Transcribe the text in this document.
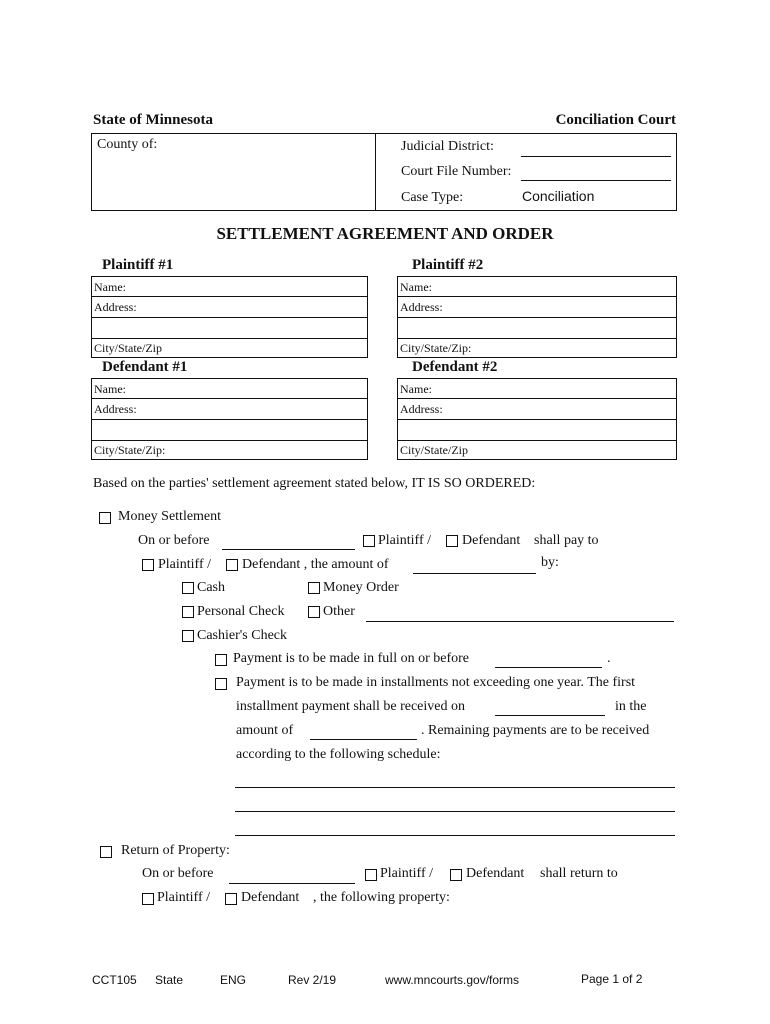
State of Minnesota	Conciliation Court
County of:	Judicial District:
Court File Number:
Case Type:	Conciliation
SETTLEMENT AGREEMENT AND ORDER
Plaintiff #1	Plaintiff #2
Name:
Address:
City/State/Zip
Name:
Address:
City/State/Zip:
Defendant #1	Defendant #2
Name:
Address:
City/State/Zip:
Name:
Address:
City/State/Zip
Based on the parties' settlement agreement stated below, IT IS SO ORDERED:
Money Settlement
On or before	Plaintiff / Defendant shall pay to
Plaintiff / Defendant , the amount of	by:
Cash	Money Order
Personal Check	Other
Cashier's Check
Payment is to be made in full on or before	.
Payment is to be made in installments not exceeding one year. The first
installment payment shall be received on	in the
amount of	. Remaining payments are to be received
according to the following schedule:
Return of Property:
On or before	Plaintiff / Defendant shall return to
Plaintiff / Defendant , the following property:
CCT105 State	ENG	Rev 2/19	www.mncourts.gov/forms	Page 1 of 2
